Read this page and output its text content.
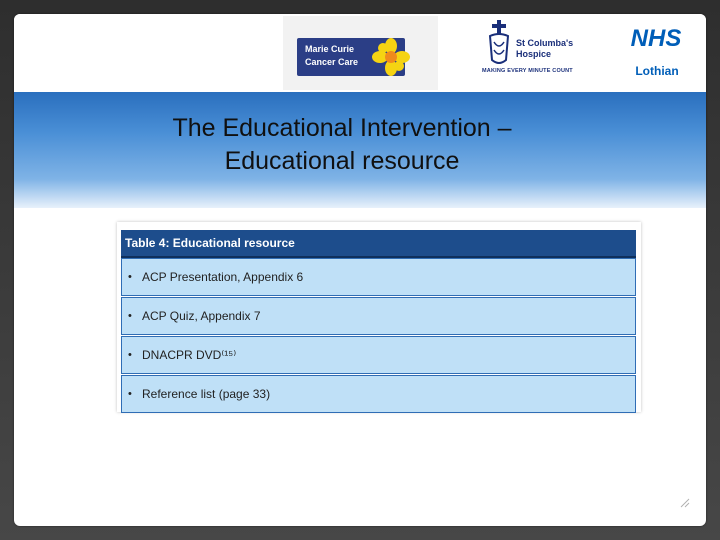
Marie Curie
Cancer Care
St Columba's
Hospice
MAKING EVERY MINUTE COUNT
NHS
Lothian
The Educational Intervention –
Educational resource
Table 4: Educational resource
• ACP Presentation, Appendix 6
• ACP Quiz, Appendix 7
• DNACPR DVD⁽¹⁵⁾
• Reference list (page 33)
